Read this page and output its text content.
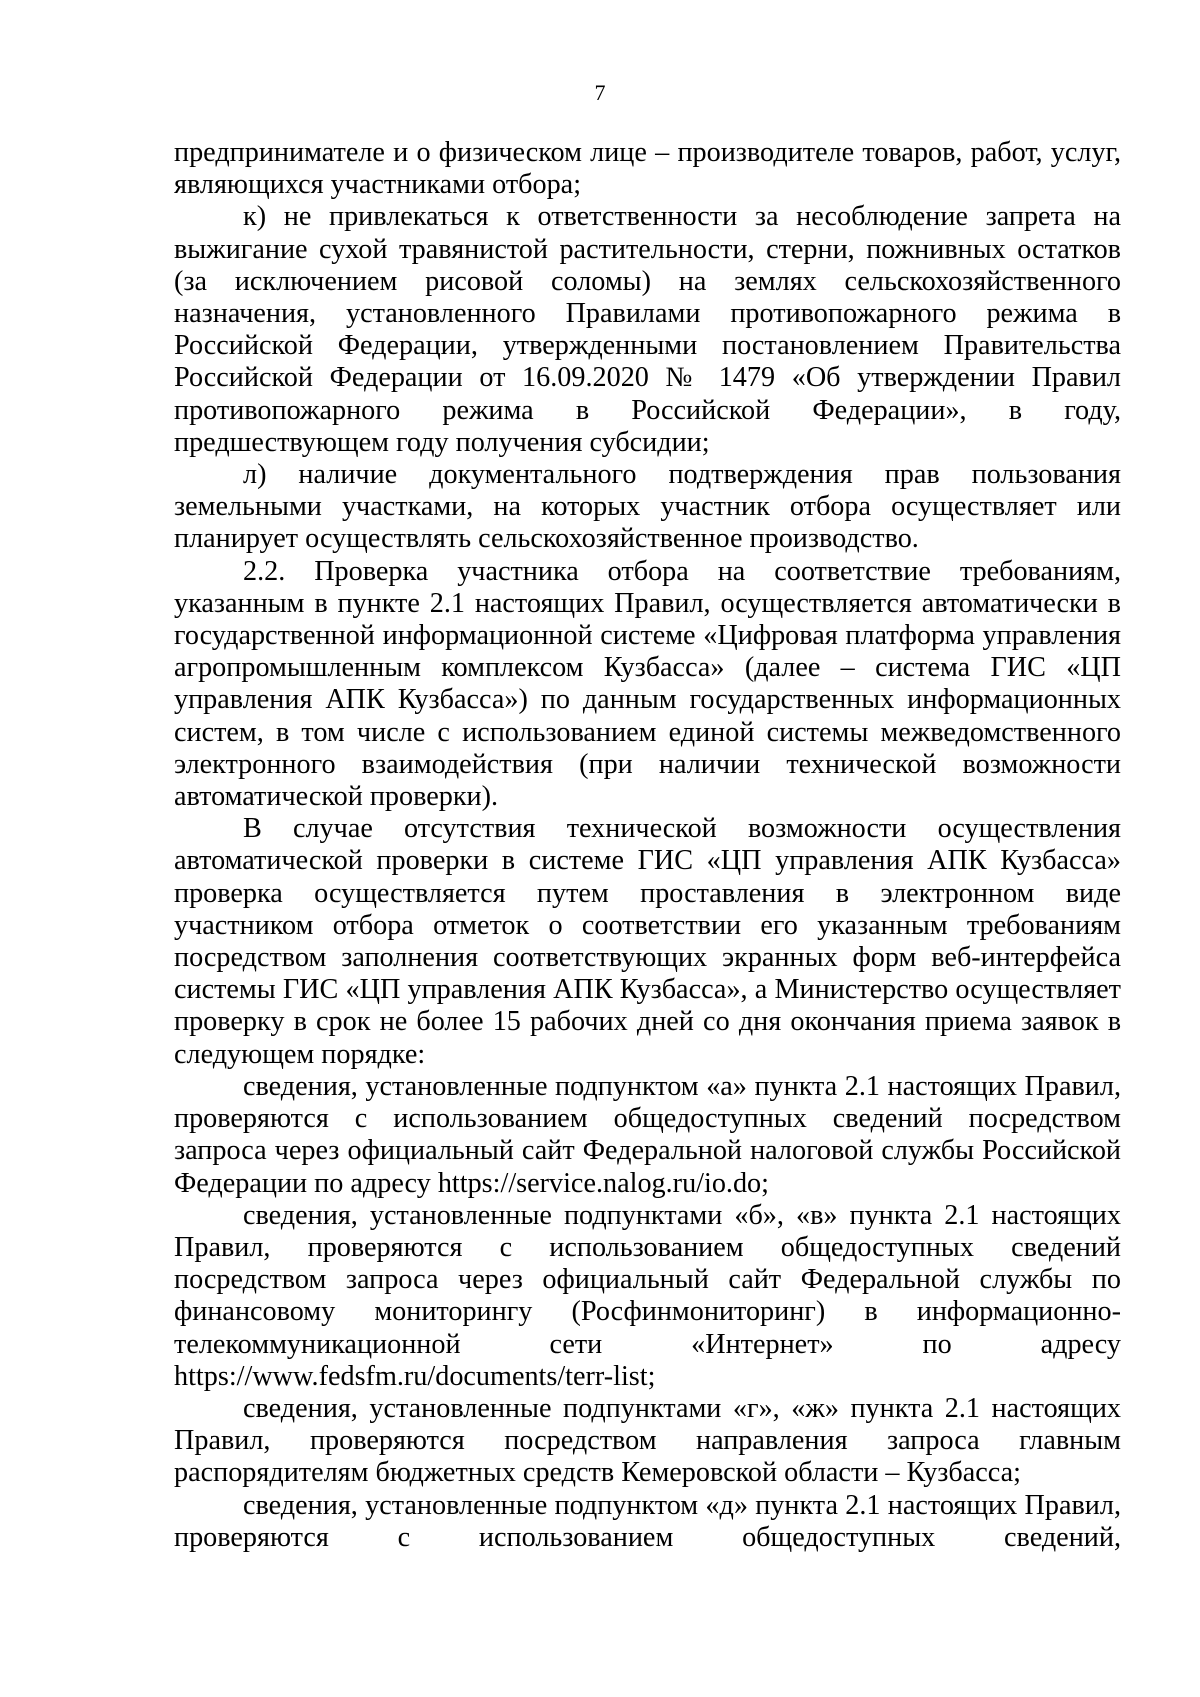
7

предпринимателе и о физическом лице – производителе товаров, работ, услуг, являющихся участниками отбора;

к) не привлекаться к ответственности за несоблюдение запрета на выжигание сухой травянистой растительности, стерни, пожнивных остатков (за исключением рисовой соломы) на землях сельскохозяйственного назначения, установленного Правилами противопожарного режима в Российской Федерации, утвержденными постановлением Правительства Российской Федерации от 16.09.2020 № 1479 «Об утверждении Правил противопожарного режима в Российской Федерации», в году, предшествующем году получения субсидии;

л) наличие документального подтверждения прав пользования земельными участками, на которых участник отбора осуществляет или планирует осуществлять сельскохозяйственное производство.

2.2. Проверка участника отбора на соответствие требованиям, указанным в пункте 2.1 настоящих Правил, осуществляется автоматически в государственной информационной системе «Цифровая платформа управления агропромышленным комплексом Кузбасса» (далее – система ГИС «ЦП управления АПК Кузбасса») по данным государственных информационных систем, в том числе с использованием единой системы межведомственного электронного взаимодействия (при наличии технической возможности автоматической проверки).

В случае отсутствия технической возможности осуществления автоматической проверки в системе ГИС «ЦП управления АПК Кузбасса» проверка осуществляется путем проставления в электронном виде участником отбора отметок о соответствии его указанным требованиям посредством заполнения соответствующих экранных форм веб-интерфейса системы ГИС «ЦП управления АПК Кузбасса», а Министерство осуществляет проверку в срок не более 15 рабочих дней со дня окончания приема заявок в следующем порядке:

сведения, установленные подпунктом «а» пункта 2.1 настоящих Правил, проверяются с использованием общедоступных сведений посредством запроса через официальный сайт Федеральной налоговой службы Российской Федерации по адресу https://service.nalog.ru/io.do;

сведения, установленные подпунктами «б», «в» пункта 2.1 настоящих Правил, проверяются с использованием общедоступных сведений посредством запроса через официальный сайт Федеральной службы по финансовому мониторингу (Росфинмониторинг) в информационно-телекоммуникационной сети «Интернет» по адресу https://www.fedsfm.ru/documents/terr-list;

сведения, установленные подпунктами «г», «ж» пункта 2.1 настоящих Правил, проверяются посредством направления запроса главным распорядителям бюджетных средств Кемеровской области – Кузбасса;

сведения, установленные подпунктом «д» пункта 2.1 настоящих Правил, проверяются с использованием общедоступных сведений,
